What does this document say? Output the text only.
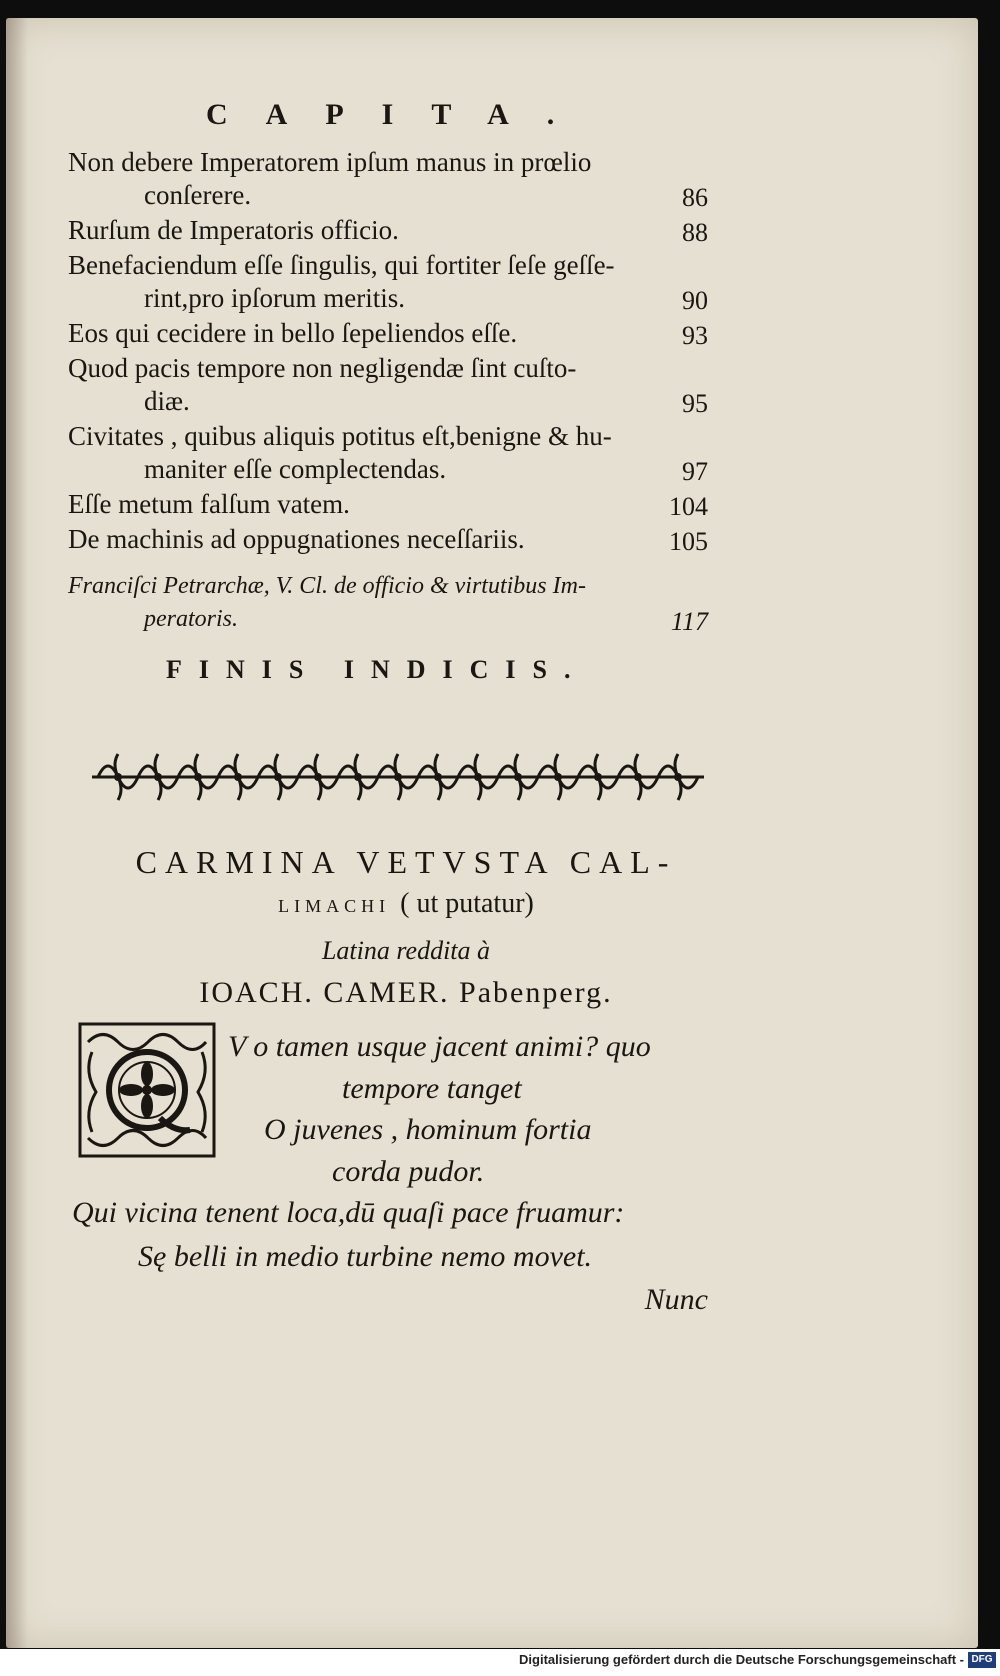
CAPITA.
Non debere Imperatorem ipſum manus in prœlio
conſerere.	86
Rurſum de Imperatoris officio.	88
Benefaciendum eſſe ſingulis, qui fortiter ſeſe geſſe-
rint,pro ipſorum meritis.	90
Eos qui cecidere in bello ſepeliendos eſſe.	93
Quod pacis tempore non negligendæ ſint cuſto-
diæ.	95
Civitates , quibus aliquis potitus eſt,benigne & hu-
maniter eſſe complectendas.	97
Eſſe metum falſum vatem.	104
De machinis ad oppugnationes neceſſariis.	105
Franciſci Petrarchæ, V. Cl. de officio & virtutibus Im-
peratoris.	117
FINIS INDICIS.
CARMINA VETVSTA CAL-
LIMACHI ( ut putatur)
Latina reddita à
IOACH. CAMER. Pabenperg.
V o tamen usque jacent animi? quo
tempore tanget
O juvenes , hominum fortia
corda pudor.
Qui vicina tenent loca,dū quaſi pace fruamur:
Sę belli in medio turbine nemo movet.
Nunc
Digitalisierung gefördert durch die Deutsche Forschungsgemeinschaft - DFG
